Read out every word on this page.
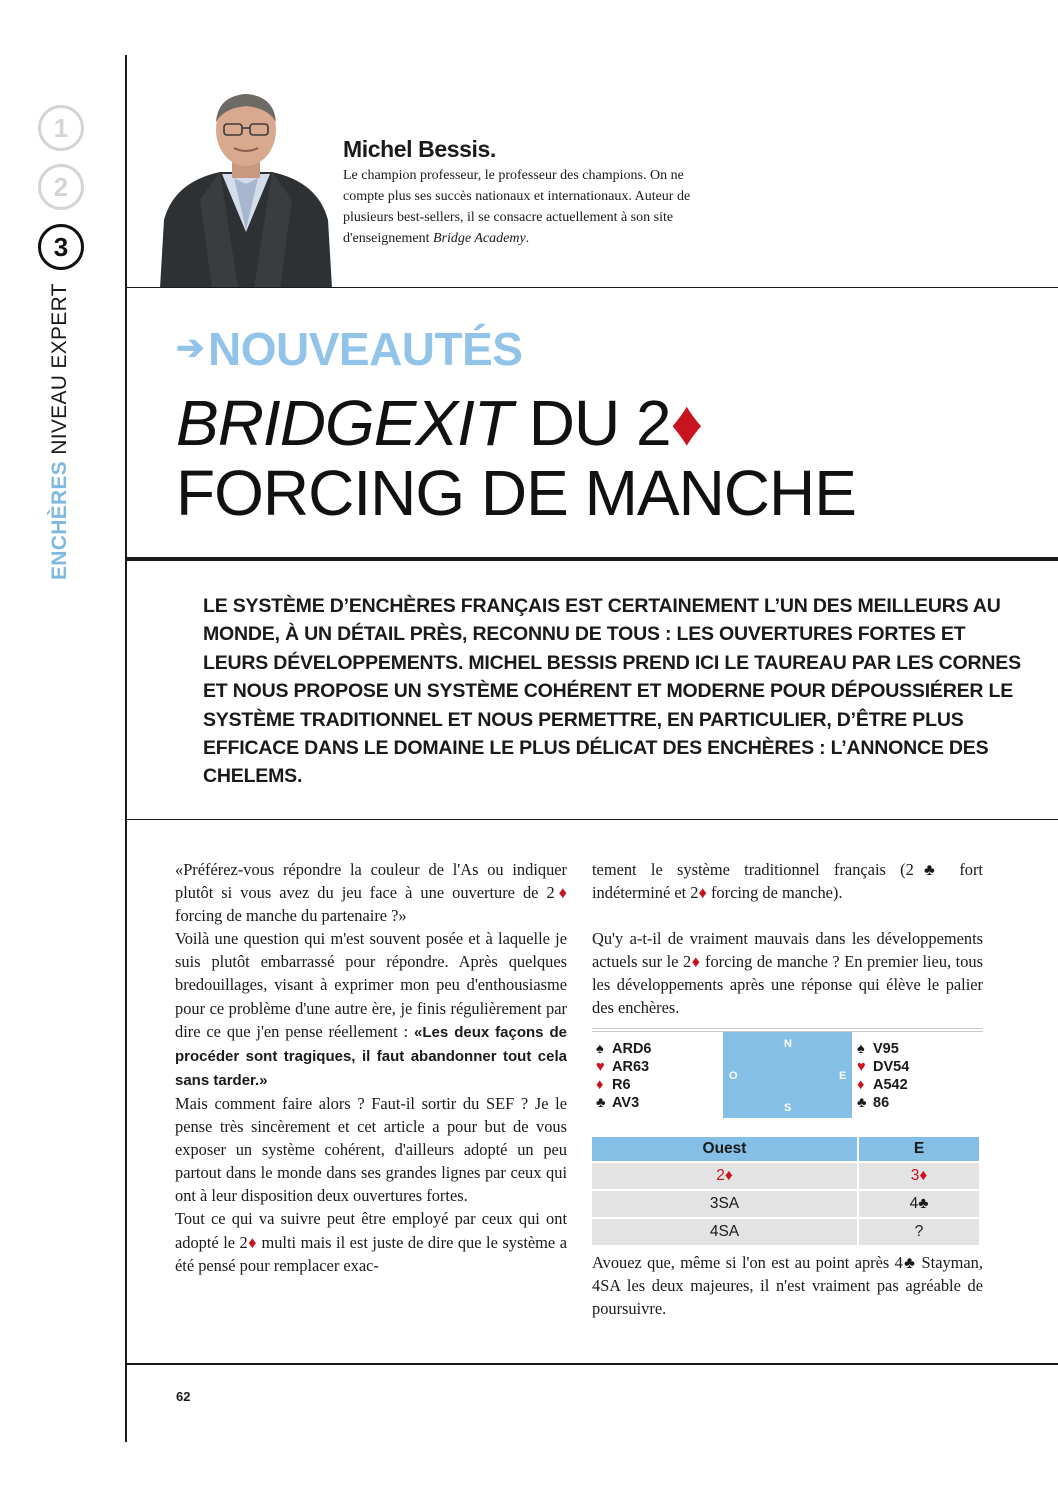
1
2
3
ENCHÈRES NIVEAU EXPERT
Michel Bessis.
Le champion professeur, le professeur des champions. On ne compte plus ses succès nationaux et internationaux. Auteur de plusieurs best-sellers, il se consacre actuellement à son site d'enseignement Bridge Academy.
➔NOUVEAUTÉS
BRIDGEXIT DU 2♦
FORCING DE MANCHE
LE SYSTÈME D’ENCHÈRES FRANÇAIS EST CERTAINEMENT L’UN DES MEILLEURS AU MONDE, À UN DÉTAIL PRÈS, RECONNU DE TOUS : LES OUVERTURES FORTES ET LEURS DÉVELOPPEMENTS. MICHEL BESSIS PREND ICI LE TAUREAU PAR LES CORNES ET NOUS PROPOSE UN SYSTÈME COHÉRENT ET MODERNE POUR DÉPOUSSIÉRER LE SYSTÈME TRADITIONNEL ET NOUS PERMETTRE, EN PARTICULIER, D’ÊTRE PLUS EFFICACE DANS LE DOMAINE LE PLUS DÉLICAT DES ENCHÈRES : L’ANNONCE DES CHELEMS.

«Préférez-vous répondre la couleur de l'As ou indiquer plutôt si vous avez du jeu face à une ouverture de 2♦ forcing de manche du partenaire ?»

Voilà une question qui m'est souvent posée et à laquelle je suis plutôt embarrassé pour répondre. Après quelques bredouillages, visant à exprimer mon peu d'enthousiasme pour ce problème d'une autre ère, je finis régulièrement par dire ce que j'en pense réellement : «Les deux façons de procéder sont tragiques, il faut abandonner tout cela sans tarder.»

Mais comment faire alors ? Faut-il sortir du SEF ? Je le pense très sincèrement et cet article a pour but de vous exposer un système cohérent, d'ailleurs adopté un peu partout dans le monde dans ses grandes lignes par ceux qui ont à leur disposition deux ouvertures fortes.

Tout ce qui va suivre peut être employé par ceux qui ont adopté le 2♦ multi mais il est juste de dire que le système a été pensé pour remplacer exac-

tement le système traditionnel français (2♣ fort indéterminé et 2♦ forcing de manche).

Qu'y a-t-il de vraiment mauvais dans les développements actuels sur le 2♦ forcing de manche ? En premier lieu, tous les développements après une réponse qui élève le palier des enchères.

♠ ARD6
♥ AR63
♦ R6
♣ AV3
N
O	E
S
♠ V95
♥ DV54
♦ A542
♣ 86
Ouest	E
2♦	3♦
3SA	4♣
4SA	?

Avouez que, même si l'on est au point après 4♣ Stayman, 4SA les deux majeures, il n'est vraiment pas agréable de poursuivre.

62
